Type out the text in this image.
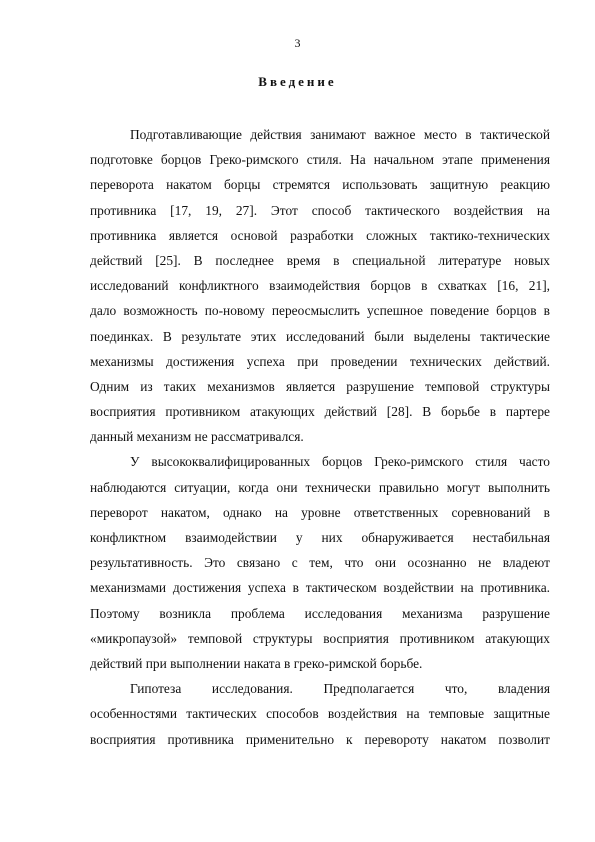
3
Введение
Подготавливающие действия занимают важное место в тактической
подготовке борцов Греко-римского стиля. На начальном этапе применения
переворота накатом борцы стремятся использовать защитную реакцию
противника [17, 19, 27]. Этот способ тактического воздействия на
противника является основой разработки сложных тактико-технических
действий [25]. В последнее время в специальной литературе новых
исследований конфликтного взаимодействия борцов в схватках [16, 21],
дало возможность по-новому переосмыслить успешное поведение борцов в
поединках. В результате этих исследований были выделены тактические
механизмы достижения успеха при проведении технических действий.
Одним из таких механизмов является разрушение темповой структуры
восприятия противником атакующих действий [28]. В борьбе в партере
данный механизм не рассматривался.
У высококвалифицированных борцов Греко-римского стиля часто
наблюдаются ситуации, когда они технически правильно могут выполнить
переворот накатом, однако на уровне ответственных соревнований в
конфликтном взаимодействии у них обнаруживается нестабильная
результативность. Это связано с тем, что они осознанно не владеют
механизмами достижения успеха в тактическом воздействии на противника.
Поэтому возникла проблема исследования механизма разрушение
«микропаузой» темповой структуры восприятия противником атакующих
действий при выполнении наката в греко-римской борьбе.
Гипотеза исследования. Предполагается что, владения
особенностями тактических способов воздействия на темповые защитные
восприятия противника применительно к перевороту накатом позволит
